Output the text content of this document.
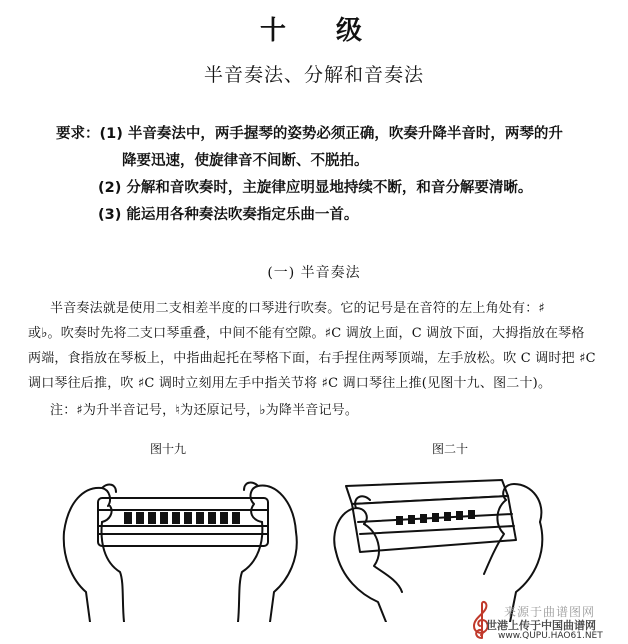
十 级
半音奏法、分解和音奏法
要求：(1) 半音奏法中，两手握琴的姿势必须正确，吹奏升降半音时，两琴的升
降要迅速，使旋律音不间断、不脱拍。
(2) 分解和音吹奏时，主旋律应明显地持续不断，和音分解要清晰。
(3) 能运用各种奏法吹奏指定乐曲一首。
(一) 半音奏法
半音奏法就是使用二支相差半度的口琴进行吹奏。它的记号是在音符的左上角处有：♯
或♭。吹奏时先将二支口琴重叠，中间不能有空隙。♯C 调放上面，C 调放下面，大拇指放在琴格
两端，食指放在琴板上，中指曲起托在琴格下面，右手捏住两琴顶端，左手放松。吹 C 调时把 ♯C
调口琴往后推，吹 ♯C 调时立刻用左手中指关节将 ♯C 调口琴往上推(见图十九、图二十)。
注：♯为升半音记号，♮为还原记号，♭为降半音记号。
图十九	图二十
来源于曲谱图网
世港上传于中国曲谱网
www.QUPU.HAO61.NET
